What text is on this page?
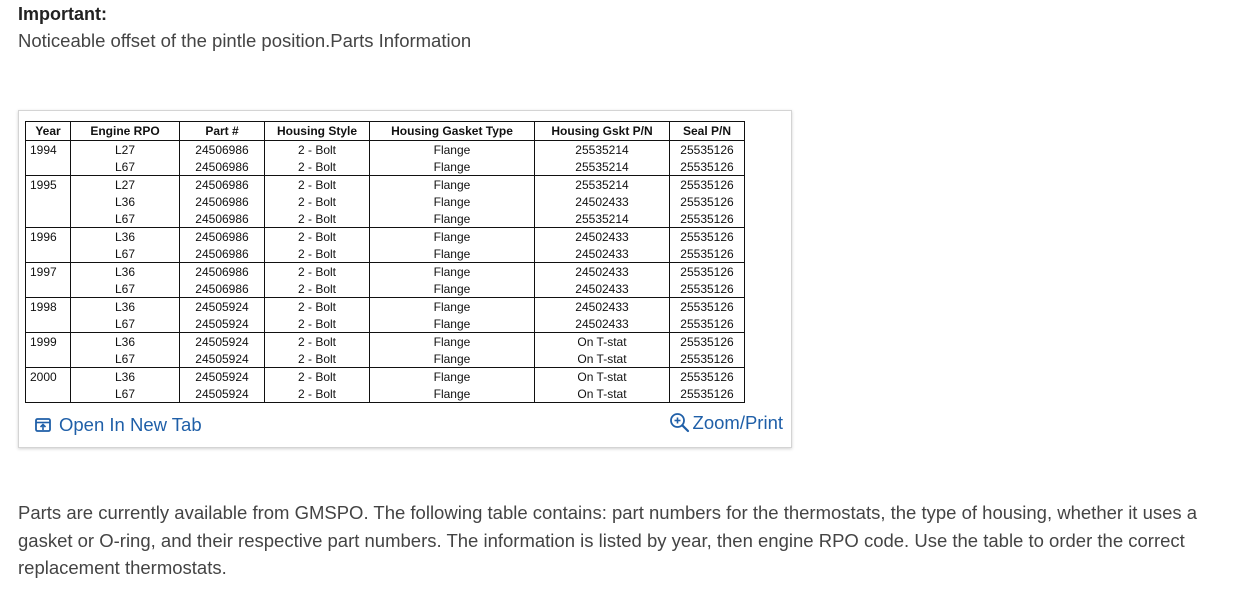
Important:
Noticeable offset of the pintle position.Parts Information
Year	Engine RPO	Part #	Housing Style	Housing Gasket Type	Housing Gskt P/N	Seal P/N
1994	L27	24506986	2 - Bolt	Flange	25535214	25535126
	L67	24506986	2 - Bolt	Flange	25535214	25535126
1995	L27	24506986	2 - Bolt	Flange	25535214	25535126
	L36	24506986	2 - Bolt	Flange	24502433	25535126
	L67	24506986	2 - Bolt	Flange	25535214	25535126
1996	L36	24506986	2 - Bolt	Flange	24502433	25535126
	L67	24506986	2 - Bolt	Flange	24502433	25535126
1997	L36	24506986	2 - Bolt	Flange	24502433	25535126
	L67	24506986	2 - Bolt	Flange	24502433	25535126
1998	L36	24505924	2 - Bolt	Flange	24502433	25535126
	L67	24505924	2 - Bolt	Flange	24502433	25535126
1999	L36	24505924	2 - Bolt	Flange	On T-stat	25535126
	L67	24505924	2 - Bolt	Flange	On T-stat	25535126
2000	L36	24505924	2 - Bolt	Flange	On T-stat	25535126
	L67	24505924	2 - Bolt	Flange	On T-stat	25535126
Open In New Tab	Zoom/Print
Parts are currently available from GMSPO. The following table contains: part numbers for the thermostats, the type of housing, whether it uses a gasket or O-ring, and their respective part numbers. The information is listed by year, then engine RPO code. Use the table to order the correct replacement thermostats.
